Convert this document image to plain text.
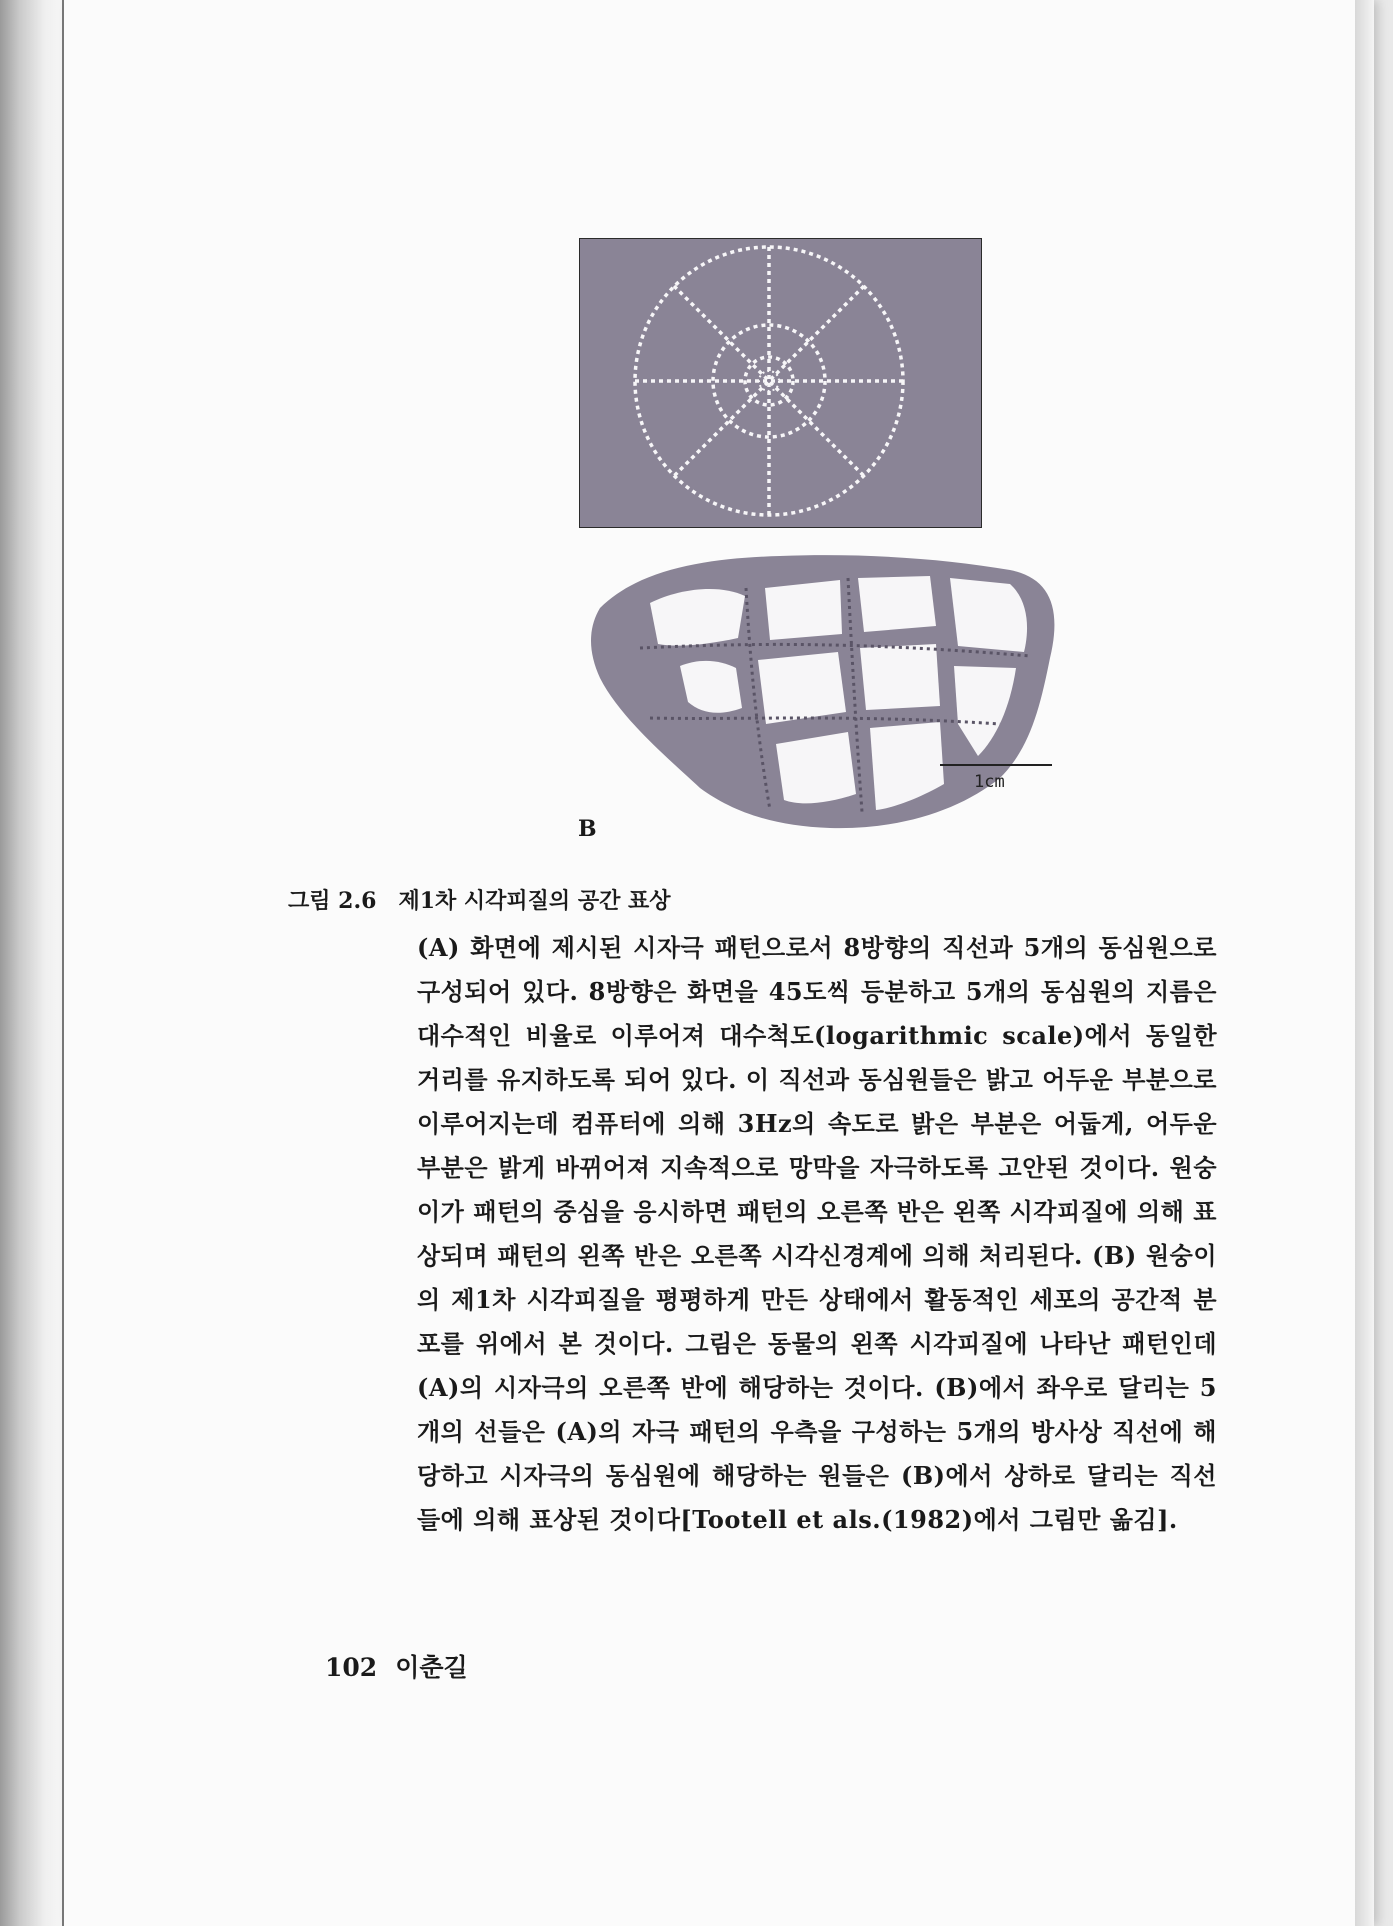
1cm
B
그림 2.6 제1차 시각피질의 공간 표상
(A) 화면에 제시된 시자극 패턴으로서 8방향의 직선과 5개의 동심원으로 구성되어 있다. 8방향은 화면을 45도씩 등분하고 5개의 동심원의 지름은 대수적인 비율로 이루어져 대수척도(logarithmic scale)에서 동일한 거리를 유지하도록 되어 있다. 이 직선과 동심원들은 밝고 어두운 부분으로 이루어지는데 컴퓨터에 의해 3Hz의 속도로 밝은 부분은 어둡게, 어두운 부분은 밝게 바뀌어져 지속적으로 망막을 자극하도록 고안된 것이다. 원숭이가 패턴의 중심을 응시하면 패턴의 오른쪽 반은 왼쪽 시각피질에 의해 표상되며 패턴의 왼쪽 반은 오른쪽 시각신경계에 의해 처리된다. (B) 원숭이의 제1차 시각피질을 평평하게 만든 상태에서 활동적인 세포의 공간적 분포를 위에서 본 것이다. 그림은 동물의 왼쪽 시각피질에 나타난 패턴인데 (A)의 시자극의 오른쪽 반에 해당하는 것이다. (B)에서 좌우로 달리는 5개의 선들은 (A)의 자극 패턴의 우측을 구성하는 5개의 방사상 직선에 해당하고 시자극의 동심원에 해당하는 원들은 (B)에서 상하로 달리는 직선들에 의해 표상된 것이다[Tootell et als.(1982)에서 그림만 옮김].
102 이춘길
